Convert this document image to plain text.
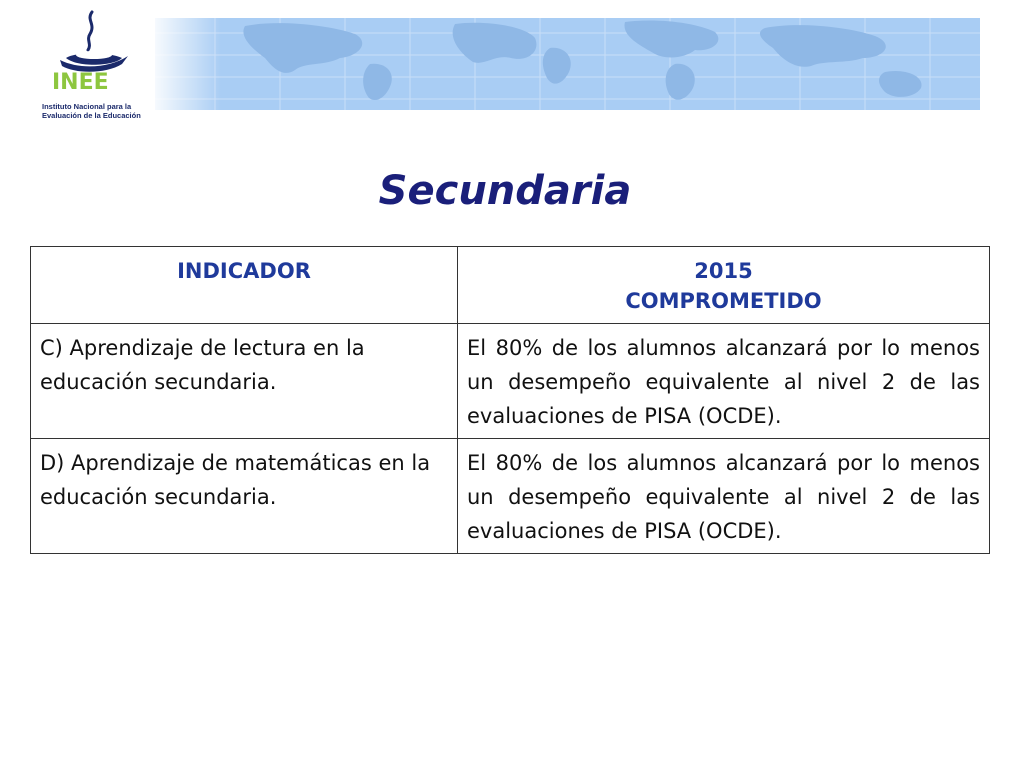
INEE
Instituto Nacional para la
Evaluación de la Educación
Secundaria
INDICADOR	2015
COMPROMETIDO

C) Aprendizaje de lectura en la educación secundaria.	El 80% de los alumnos alcanzará por lo menos un desempeño equivalente al nivel 2 de las evaluaciones de PISA (OCDE).
D) Aprendizaje de matemáticas en la educación secundaria.	El 80% de los alumnos alcanzará por lo menos un desempeño equivalente al nivel 2 de las evaluaciones de PISA (OCDE).
